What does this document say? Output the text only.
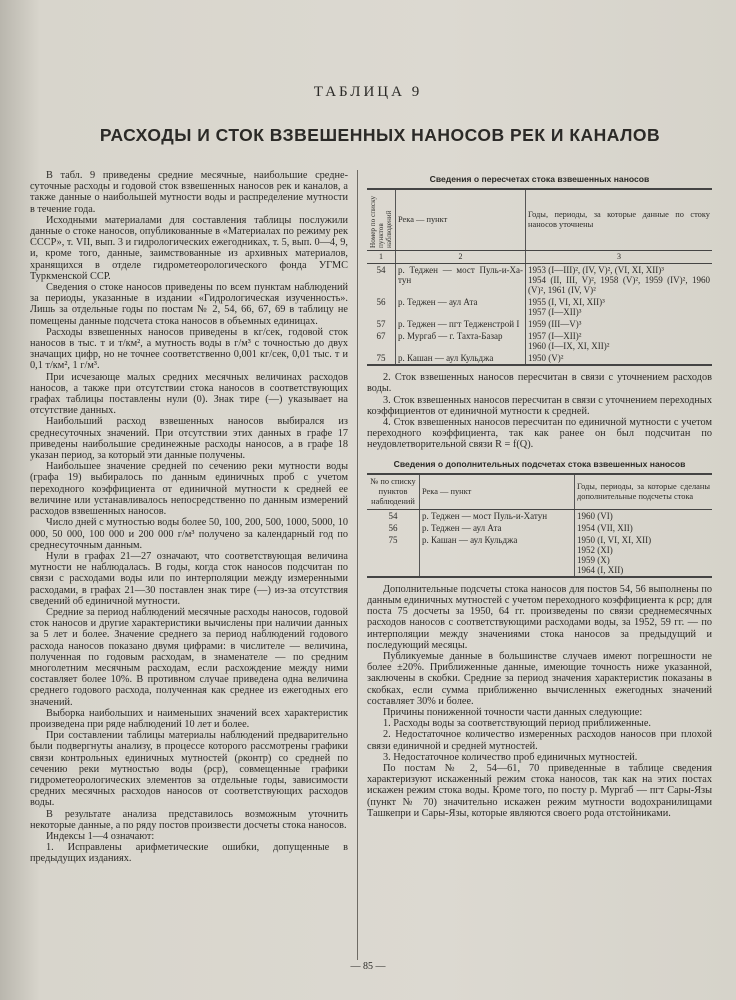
ТАБЛИЦА 9
РАСХОДЫ И СТОК ВЗВЕШЕННЫХ НАНОСОВ РЕК И КАНАЛОВ

В табл. 9 приведены средние месячные, наибольшие среднесуточные расходы и годовой сток взвешенных наносов рек и каналов, а также данные о наибольшей мутности воды и распределение мутности в течение года.

Исходными материалами для составления таблицы послужили данные о стоке наносов, опубликованные в «Материалах по режиму рек СССР», т. VII, вып. 3 и гидрологических ежегодниках, т. 5, вып. 0—4, 9, и, кроме того, данные, заимствованные из архивных материалов, хранящихся в отделе гидрометеорологического фонда УГМС Туркменской ССР.

Сведения о стоке наносов приведены по всем пунктам наблюдений за периоды, указанные в издании «Гидрологическая изученность». Лишь за отдельные годы по постам № 2, 54, 66, 67, 69 в таблицу не помещены данные подсчета стока наносов в объемных единицах.

Расходы взвешенных наносов приведены в кг/сек, годовой сток наносов в тыс. т и т/км², а мутность воды в г/м³ с точностью до двух значащих цифр, но не точнее соответственно 0,001 кг/сек, 0,01 тыс. т и 0,1 т/км², 1 г/м³.

При исчезающе малых средних месячных величинах расходов наносов, а также при отсутствии стока наносов в соответствующих графах таблицы поставлены нули (0). Знак тире (—) указывает на отсутствие данных.

Наибольший расход взвешенных наносов выбирался из среднесуточных значений. При отсутствии этих данных в графе 17 приведены наибольшие срединежные расходы наносов, а в графе 18 указан период, за который эти данные получены.

Наибольшее значение средней по сечению реки мутности воды (графа 19) выбиралось по данным единичных проб с учетом переходного коэффициента от единичной мутности к средней ее величине или устанавливалось непосредственно по данным измерений расходов взвешенных наносов.

Число дней с мутностью воды более 50, 100, 200, 500, 1000, 5000, 10 000, 50 000, 100 000 и 200 000 г/м³ получено за календарный год по среднесуточным данным.

Нули в графах 21—27 означают, что соответствующая величина мутности не наблюдалась. В годы, когда сток наносов подсчитан по связи с расходами воды или по интерполяции между измеренными расходами, в графах 21—30 поставлен знак тире (—) из-за отсутствия сведений об единичной мутности.

Средние за период наблюдений месячные расходы наносов, годовой сток наносов и другие характеристики вычислены при наличии данных за 5 лет и более. Значение среднего за период наблюдений годового расхода наносов показано двумя цифрами: в числителе — величина, полученная по годовым расходам, в знаменателе — по средним многолетним месячным расходам, если расхождение между ними составляет более 10%. В противном случае приведена одна величина среднего годового расхода, полученная как среднее из ежегодных его значений.

Выборка наибольших и наименьших значений всех характеристик произведена при ряде наблюдений 10 лет и более.

При составлении таблицы материалы наблюдений предварительно были подвергнуты анализу, в процессе которого рассмотрены графики связи контрольных единичных мутностей (ρконтр) со средней по сечению реки мутностью воды (ρср), совмещенные графики гидрометеорологических элементов за отдельные годы, зависимости средних месячных расходов наносов от соответствующих расходов воды.

В результате анализа представилось возможным уточнить некоторые данные, а по ряду постов произвести досчеты стока наносов.

Индексы 1—4 означают:

1. Исправлены арифметические ошибки, допущенные в предыдущих изданиях.

Сведения о пересчетах стока взвешенных наносов
Номер по списку пунктов наблюдений	Река — пункт	Годы, периоды, за которые данные по стоку наносов уточнены
1	2	3
54	р. Теджен — мост Пуль-и-Хатун	1953 (I—III)², (IV, V)², (VI, XI, XII)³
1954 (II, III, V)², 1958 (V)², 1959 (IV)², 1960 (V)², 1961 (IV, V)²
56	р. Теджен — аул Ата	1955 (I, VI, XI, XII)³
1957 (I—XII)³
57	р. Теджен — пгт Тедженстрой I	1959 (III—V)³
67	р. Мургаб — г. Тахта-Базар	1957 (I—XII)²
1960 (I—IX, XI, XII)²
75	р. Кашан — аул Кульджа	1950 (V)²

2. Сток взвешенных наносов пересчитан в связи с уточнением расходов воды.

3. Сток взвешенных наносов пересчитан в связи с уточнением переходных коэффициентов от единичной мутности к средней.

4. Сток взвешенных наносов пересчитан по единичной мутности с учетом переходного коэффициента, так как ранее он был подсчитан по неудовлетворительной связи R = f(Q).

Сведения о дополнительных подсчетах стока взвешенных наносов
№ по списку пунктов наблюдений	Река — пункт	Годы, периоды, за которые сделаны дополнительные подсчеты стока
54	р. Теджен — мост Пуль-и-Хатун	1960 (VI)
56	р. Теджен — аул Ата	1954 (VII, XII)
75	р. Кашан — аул Кульджа	1950 (I, VI, XI, XII)
1952 (XI)
1959 (X)
1964 (I, XII)

Дополнительные подсчеты стока наносов для постов 54, 56 выполнены по данным единичных мутностей с учетом переходного коэффициента к ρср; для поста 75 досчеты за 1950, 64 гг. произведены по связи среднемесячных расходов наносов с соответствующими расходами воды, за 1952, 59 гг. — по интерполяции между значениями стока наносов за предыдущий и последующий месяцы.

Публикуемые данные в большинстве случаев имеют погрешности не более ±20%. Приближенные данные, имеющие точность ниже указанной, заключены в скобки. Средние за период значения характеристик показаны в скобках, если сумма приближенно вычисленных ежегодных значений составляет 30% и более.

Причины пониженной точности части данных следующие:

1. Расходы воды за соответствующий период приближенные.

2. Недостаточное количество измеренных расходов наносов при плохой связи единичной и средней мутностей.

3. Недостаточное количество проб единичных мутностей.

По постам № 2, 54—61, 70 приведенные в таблице сведения характеризуют искаженный режим стока наносов, так как на этих постах искажен режим стока воды. Кроме того, по посту р. Мургаб — пгт Сары-Язы (пункт № 70) значительно искажен режим мутности водохранилищами Ташкепри и Сары-Язы, которые являются своего рода отстойниками.

— 85 —
